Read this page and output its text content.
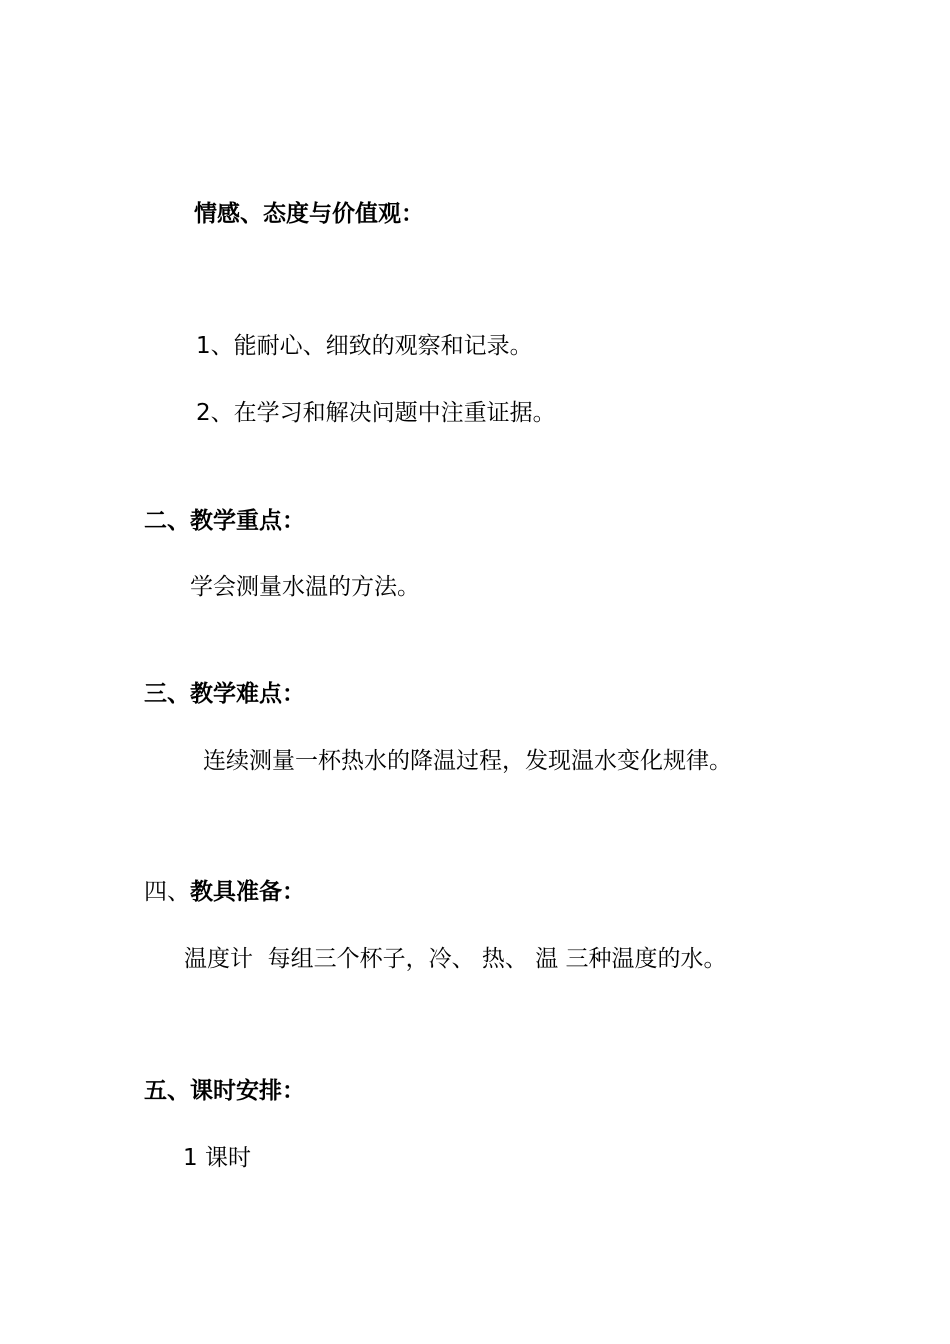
情感、态度与价值观：
1、能耐心、细致的观察和记录。
2、在学习和解决问题中注重证据。
二、教学重点：
学会测量水温的方法。
三、教学难点：
连续测量一杯热水的降温过程，发现温水变化规律。
四、教具准备：
温度计  每组三个杯子，冷、 热、 温 三种温度的水。
五、课时安排：
1 课时
